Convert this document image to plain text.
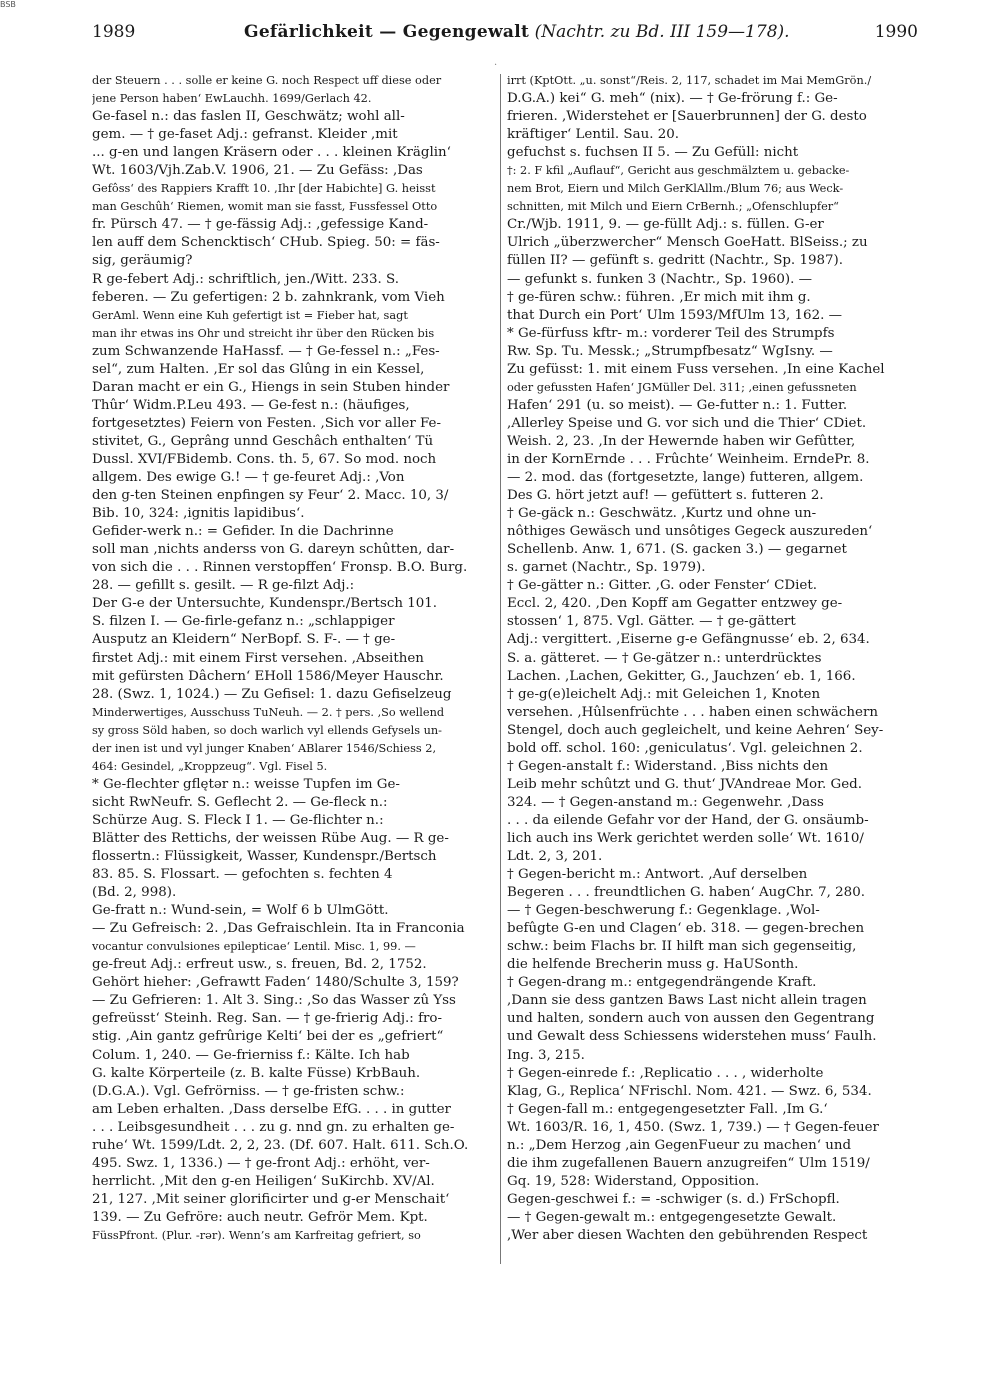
BSB
1989	Gefärlichkeit — Gegengewalt (Nachtr. zu Bd. III 159—178).	1990
·
der Steuern . . . solle er keine G. noch Respect uff diese oder
jene Person haben‘ EwLauchh. 1699/Gerlach 42.
Ge-fasel n.: das faslen II, Geschwätz; wohl all-
gem. — † ge-faset Adj.: gefranst. Kleider ,mit
... g-en und langen Kräsern oder . . . kleinen Kräglin‘
Wt. 1603/Vjh.Zab.V. 1906, 21. — Zu Gefäss: ,Das
Gefôss‘ des Rappiers Krafft 10. ,Ihr [der Habichte] G. heisst
man Geschûh‘ Riemen, womit man sie fasst, Fussfessel Otto
fr. Pürsch 47. — † ge-fässig Adj.: ,gefessige Kand-
len auff dem Schencktisch‘ CHub. Spieg. 50: = fäs-
sig, geräumig?
R ge-febert Adj.: schriftlich, jen./Witt. 233. S.
feberen. — Zu gefertigen: 2 b. zahnkrank, vom Vieh
GerAml. Wenn eine Kuh gefertigt ist = Fieber hat, sagt
man ihr etwas ins Ohr und streicht ihr über den Rücken bis
zum Schwanzende HaHassf. — † Ge-fessel n.: „Fes-
sel“, zum Halten. ,Er sol das Glûng in ein Kessel,
Daran macht er ein G., Hiengs in sein Stuben hinder
Thûr‘ Widm.P.Leu 493. — Ge-fest n.: (häufiges,
fortgesetztes) Feiern von Festen. ,Sich vor aller Fe-
stivitet, G., Geprâng unnd Geschâch enthalten‘ Tü
Dussl. XVI/FBidemb. Cons. th. 5, 67. So mod. noch
allgem. Des ewige G.! — † ge-feuret Adj.: ,Von
den g-ten Steinen enpfingen sy Feur‘ 2. Macc. 10, 3/
Bib. 10, 324: ,ignitis lapidibus‘.
Gefider-werk n.: = Gefider. In die Dachrinne
soll man ,nichts anderss von G. dareyn schûtten, dar-
von sich die . . . Rinnen verstopffen‘ Fronsp. B.O. Burg.
28. — gefillt s. gesilt. — R ge-filzt Adj.:
Der G-e der Untersuchte, Kundenspr./Bertsch 101.
S. filzen I. — Ge-firle-gefanz n.: „schlappiger
Ausputz an Kleidern“ NerBopf. S. F-. — † ge-
firstet Adj.: mit einem First versehen. ,Abseithen
mit gefürsten Dâchern‘ EHoll 1586/Meyer Hauschr.
28. (Swz. 1, 1024.) — Zu Gefisel: 1. dazu Gefiselzeug
Minderwertiges, Ausschuss TuNeuh. — 2. † pers. ,So wellend
sy gross Söld haben, so doch warlich vyl ellends Gefysels un-
der inen ist und vyl junger Knaben‘ ABlarer 1546/Schiess 2,
464: Gesindel, „Kroppzeug“. Vgl. Fisel 5.
* Ge-flechter gflętər n.: weisse Tupfen im Ge-
sicht RwNeufr. S. Geflecht 2. — Ge-fleck n.:
Schürze Aug. S. Fleck I 1. — Ge-flichter n.:
Blätter des Rettichs, der weissen Rübe Aug. — R ge-
flossertn.: Flüssigkeit, Wasser, Kundenspr./Bertsch
83. 85. S. Flossart. — gefochten s. fechten 4
(Bd. 2, 998).
Ge-fratt n.: Wund-sein, = Wolf 6 b UlmGött.
— Zu Gefreisch: 2. ,Das Gefraischlein. Ita in Franconia
vocantur convulsiones epilepticae‘ Lentil. Misc. 1, 99. —
ge-freut Adj.: erfreut usw., s. freuen, Bd. 2, 1752.
Gehört hieher: ,Gefrawtt Faden‘ 1480/Schulte 3, 159?
— Zu Gefrieren: 1. Alt 3. Sing.: ,So das Wasser zû Yss
gefreüsst‘ Steinh. Reg. San. — † ge-frierig Adj.: fro-
stig. ,Ain gantz gefrûrige Kelti‘ bei der es „gefriert“
Colum. 1, 240. — Ge-frierniss f.: Kälte. Ich hab
G. kalte Körperteile (z. B. kalte Füsse) KrbBauh.
(D.G.A.). Vgl. Gefrörniss. — † ge-fristen schw.:
am Leben erhalten. ,Dass derselbe EfG. . . . in gutter
. . . Leibsgesundheit . . . zu g. nnd gn. zu erhalten ge-
ruhe‘ Wt. 1599/Ldt. 2, 2, 23. (Df. 607. Halt. 611. Sch.O.
495. Swz. 1, 1336.) — † ge-front Adj.: erhöht, ver-
herrlicht. ,Mit den g-en Heiligen‘ SuKirchb. XV/Al.
21, 127. ,Mit seiner glorificirter und g-er Menschait‘
139. — Zu Gefröre: auch neutr. Gefrör Mem. Kpt.
FüssPfront. (Plur. -rər). Wenn’s am Karfreitag gefriert, so
irrt (KptOtt. „u. sonst“/Reis. 2, 117, schadet im Mai MemGrön./
D.G.A.) kei“ G. meh“ (nix). — † Ge-frörung f.: Ge-
frieren. ,Widerstehet er [Sauerbrunnen] der G. desto
kräftiger‘ Lentil. Sau. 20.
gefuchst s. fuchsen II 5. — Zu Gefüll: nicht
†: 2. F kfil „Auflauf“, Gericht aus geschmälztem u. gebacke-
nem Brot, Eiern und Milch GerKlAllm./Blum 76; aus Weck-
schnitten, mit Milch und Eiern CrBernh.; „Ofenschlupfer“
Cr./Wjb. 1911, 9. — ge-füllt Adj.: s. füllen. G-er
Ulrich „überzwercher“ Mensch GoeHatt. BlSeiss.; zu
füllen II? — gefünft s. gedritt (Nachtr., Sp. 1987).
— gefunkt s. funken 3 (Nachtr., Sp. 1960). —
† ge-füren schw.: führen. ,Er mich mit ihm g.
that Durch ein Port‘ Ulm 1593/MfUlm 13, 162. —
* Ge-fürfuss kftr- m.: vorderer Teil des Strumpfs
Rw. Sp. Tu. Messk.; „Strumpfbesatz“ WgIsny. —
Zu gefüsst: 1. mit einem Fuss versehen. ,In eine Kachel
oder gefussten Hafen‘ JGMüller Del. 311; ,einen gefussneten
Hafen‘ 291 (u. so meist). — Ge-futter n.: 1. Futter.
,Allerley Speise und G. vor sich und die Thier‘ CDiet.
Weish. 2, 23. ,In der Hewernde haben wir Gefûtter,
in der KornErnde . . . Frûchte‘ Weinheim. ErndePr. 8.
— 2. mod. das (fortgesetzte, lange) futteren, allgem.
Des G. hört jetzt auf! — gefüttert s. futteren 2.
† Ge-gäck n.: Geschwätz. ,Kurtz und ohne un-
nôthiges Gewäsch und unsôtiges Gegeck auszureden‘
Schellenb. Anw. 1, 671. (S. gacken 3.) — gegarnet
s. garnet (Nachtr., Sp. 1979).
† Ge-gätter n.: Gitter. ,G. oder Fenster‘ CDiet.
Eccl. 2, 420. ,Den Kopff am Gegatter entzwey ge-
stossen‘ 1, 875. Vgl. Gätter. — † ge-gättert
Adj.: vergittert. ,Eiserne g-e Gefängnusse‘ eb. 2, 634.
S. a. gätteret. — † Ge-gätzer n.: unterdrücktes
Lachen. ,Lachen, Gekitter, G., Jauchzen‘ eb. 1, 166.
† ge-g(e)leichelt Adj.: mit Geleichen 1, Knoten
versehen. ,Hûlsenfrüchte . . . haben einen schwächern
Stengel, doch auch gegleichelt, und keine Aehren‘ Sey-
bold off. schol. 160: ,geniculatus‘. Vgl. geleichnen 2.
† Gegen-anstalt f.: Widerstand. ,Biss nichts den
Leib mehr schûtzt und G. thut‘ JVAndreae Mor. Ged.
324. — † Gegen-anstand m.: Gegenwehr. ,Dass
. . . da eilende Gefahr vor der Hand, der G. onsäumb-
lich auch ins Werk gerichtet werden solle‘ Wt. 1610/
Ldt. 2, 3, 201.
† Gegen-bericht m.: Antwort. ,Auf derselben
Begeren . . . freundtlichen G. haben‘ AugChr. 7, 280.
— † Gegen-beschwerung f.: Gegenklage. ,Wol-
befûgte G-en und Clagen‘ eb. 318. — gegen-brechen
schw.: beim Flachs br. II hilft man sich gegenseitig,
die helfende Brecherin muss g. HaUSonth.
† Gegen-drang m.: entgegendrängende Kraft.
,Dann sie dess gantzen Baws Last nicht allein tragen
und halten, sondern auch von aussen den Gegentrang
und Gewalt dess Schiessens widerstehen muss‘ Faulh.
Ing. 3, 215.
† Gegen-einrede f.: ,Replicatio . . . , widerholte
Klag, G., Replica‘ NFrischl. Nom. 421. — Swz. 6, 534.
† Gegen-fall m.: entgegengesetzter Fall. ,Im G.‘
Wt. 1603/R. 16, 1, 450. (Swz. 1, 739.) — † Gegen-feuer
n.: „Dem Herzog ,ain GegenFueur zu machen‘ und
die ihm zugefallenen Bauern anzugreifen“ Ulm 1519/
Gq. 19, 528: Widerstand, Opposition.
Gegen-geschwei f.: = -schwiger (s. d.) FrSchopfl.
— † Gegen-gewalt m.: entgegengesetzte Gewalt.
,Wer aber diesen Wachten den gebührenden Respect
